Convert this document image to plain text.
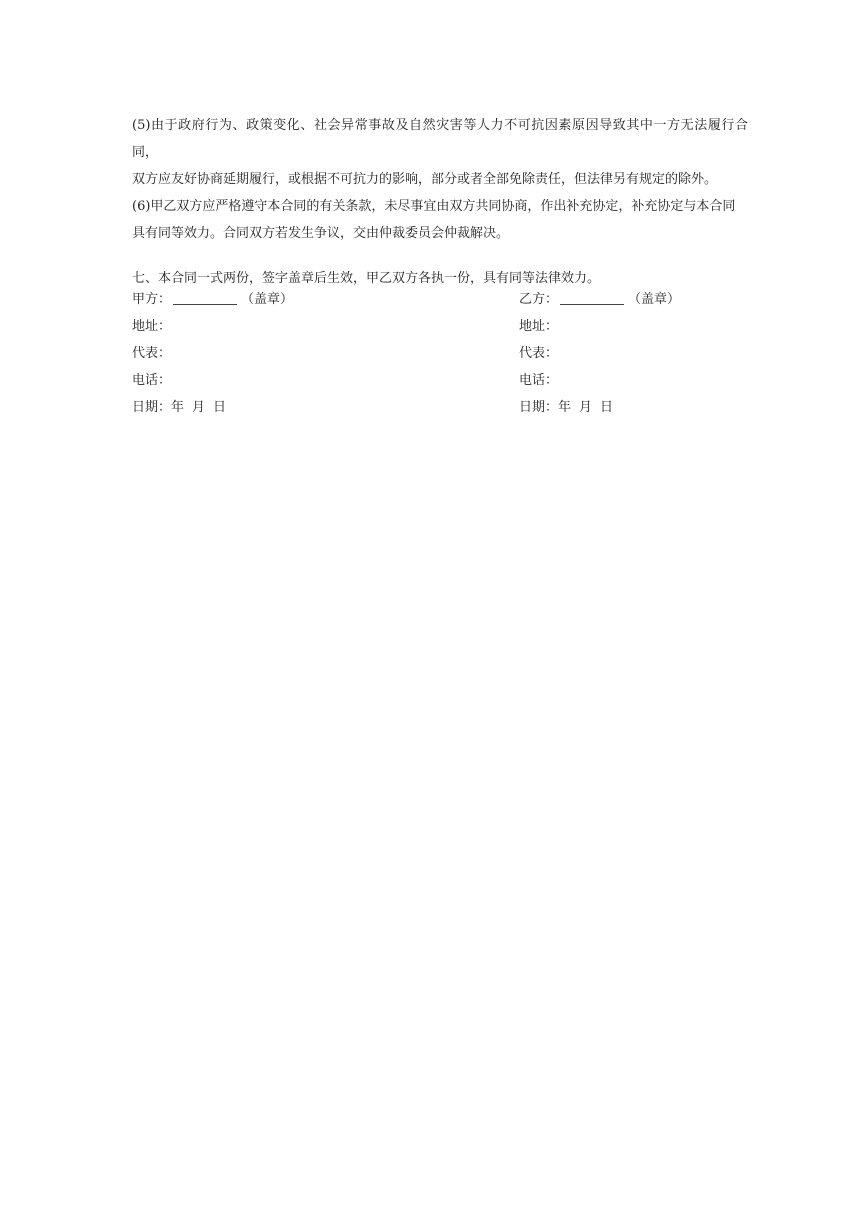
(5)由于政府行为、政策变化、社会异常事故及自然灾害等人力不可抗因素原因导致其中一方无法履行合同，
双方应友好协商延期履行，或根据不可抗力的影响，部分或者全部免除责任，但法律另有规定的除外。

(6)甲乙双方应严格遵守本合同的有关条款，未尽事宜由双方共同协商，作出补充协定，补充协定与本合同
具有同等效力。合同双方若发生争议，交由仲裁委员会仲裁解决。

七、本合同一式两份，签字盖章后生效，甲乙双方各执一份，具有同等法律效力。

甲方：	（盖章）
地址：
代表：
电话：
日期：年 月 日
乙方：	（盖章）
地址：
代表：
电话：
日期：年 月 日
